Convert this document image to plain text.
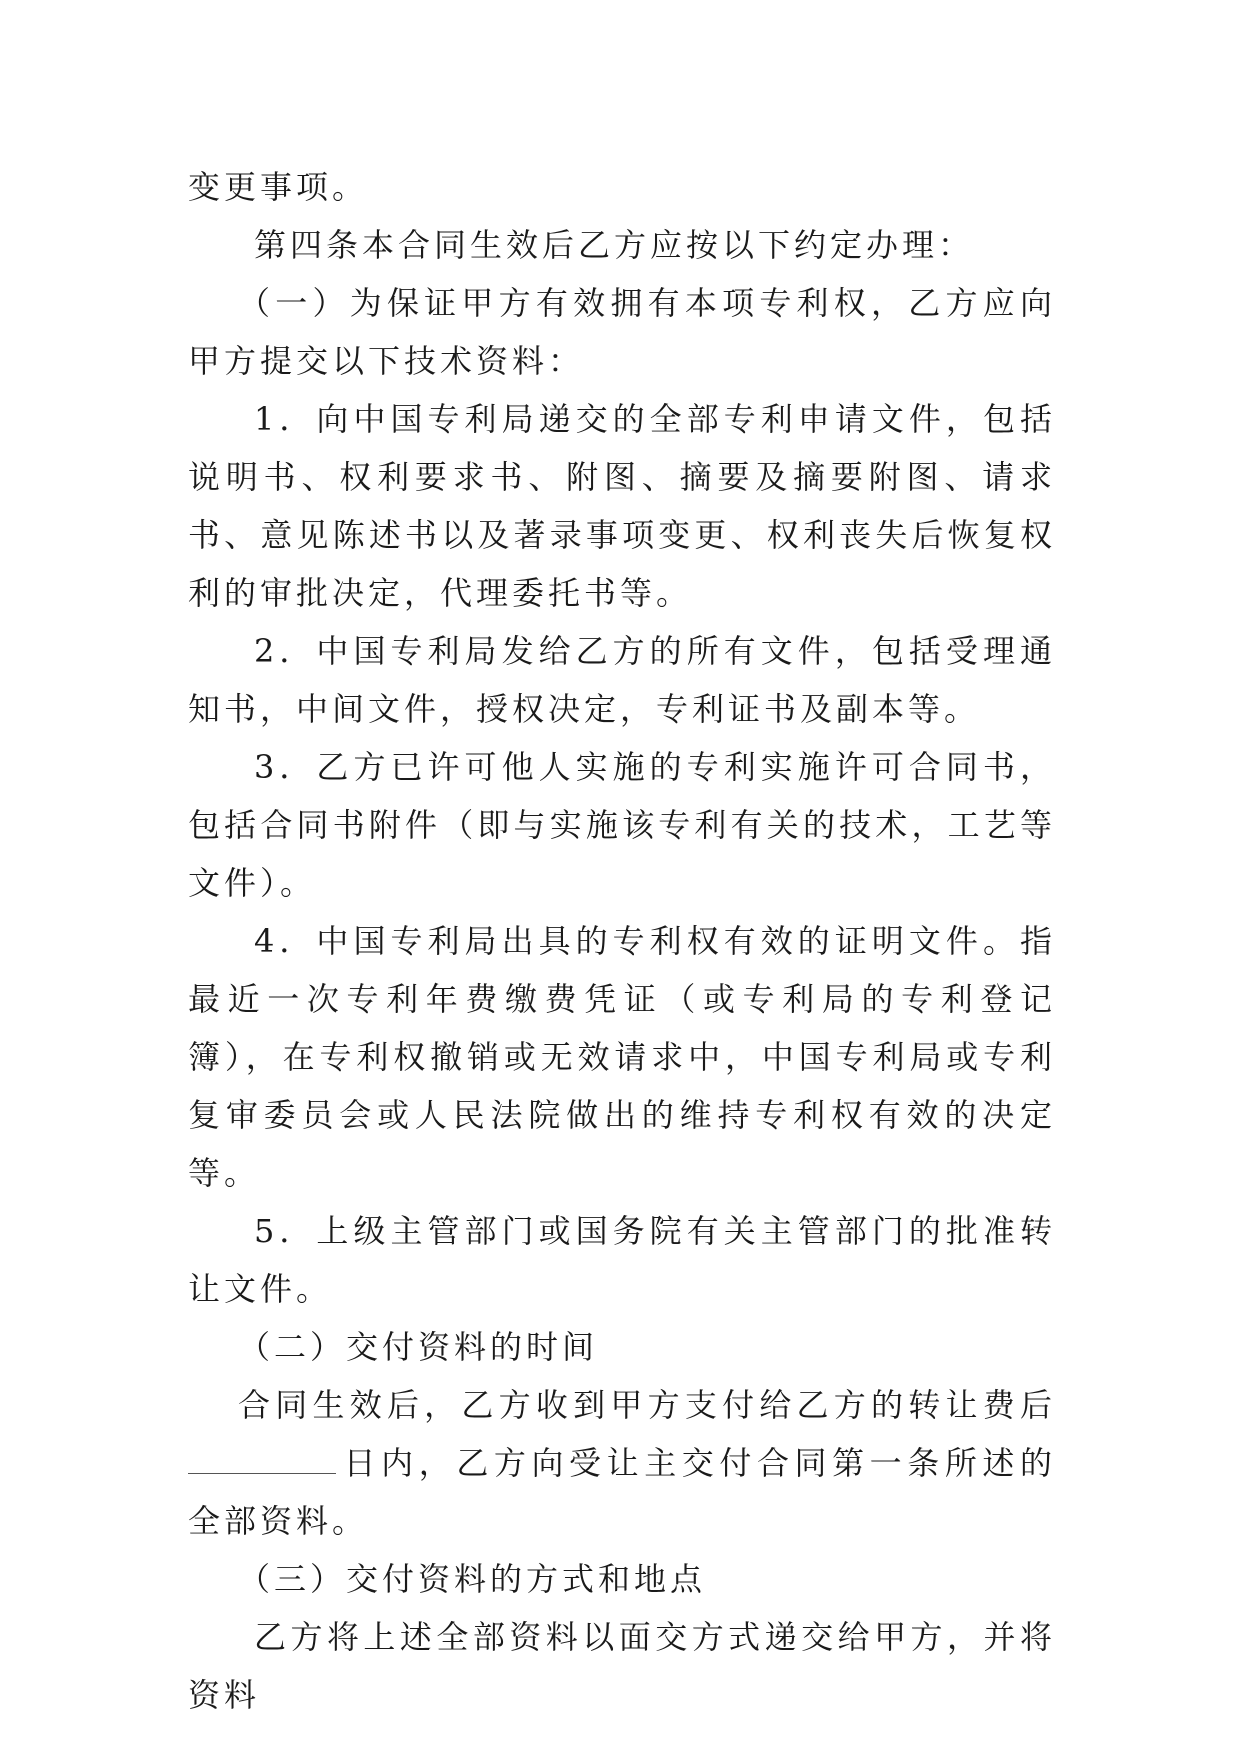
变更事项。

第四条本合同生效后乙方应按以下约定办理：

（一）为保证甲方有效拥有本项专利权，乙方应向甲方提交以下技术资料：

1．向中国专利局递交的全部专利申请文件，包括说明书、权利要求书、附图、摘要及摘要附图、请求书、意见陈述书以及著录事项变更、权利丧失后恢复权利的审批决定，代理委托书等。

2．中国专利局发给乙方的所有文件，包括受理通知书，中间文件，授权决定，专利证书及副本等。

3．乙方已许可他人实施的专利实施许可合同书，包括合同书附件（即与实施该专利有关的技术，工艺等文件）。

4．中国专利局出具的专利权有效的证明文件。指最近一次专利年费缴费凭证（或专利局的专利登记簿），在专利权撤销或无效请求中，中国专利局或专利复审委员会或人民法院做出的维持专利权有效的决定等。

5．上级主管部门或国务院有关主管部门的批准转让文件。

（二）交付资料的时间

合同生效后，乙方收到甲方支付给乙方的转让费后日内，乙方向受让主交付合同第一条所述的全部资料。

（三）交付资料的方式和地点

乙方将上述全部资料以面交方式递交给甲方，并将资料
